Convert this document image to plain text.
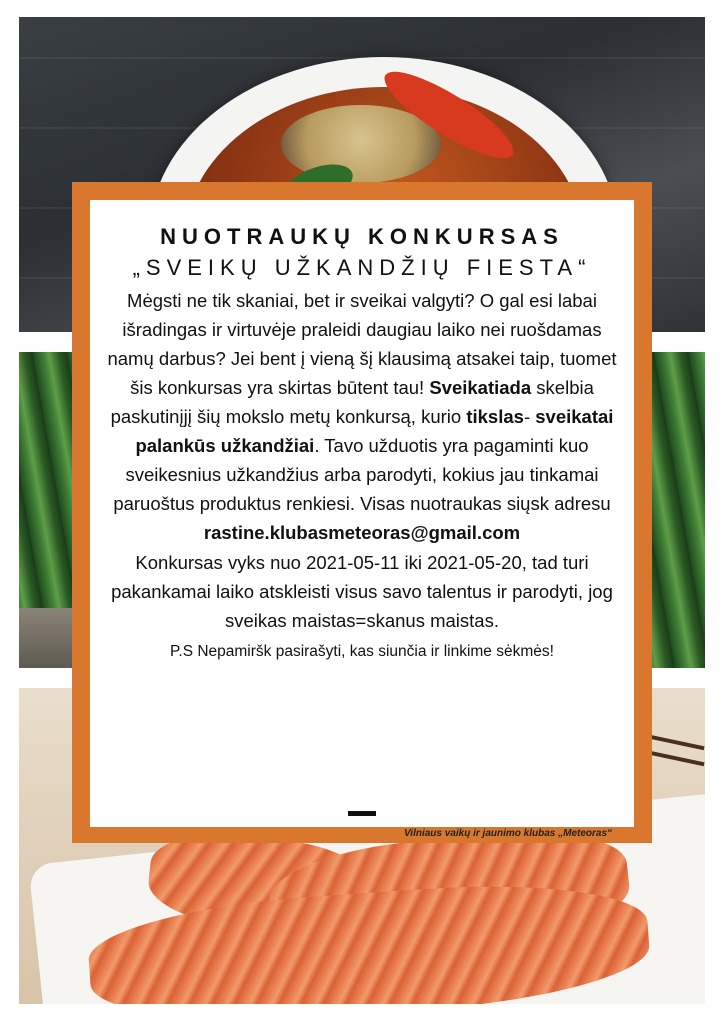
NUOTRAUKŲ KONKURSAS
„SVEIKŲ UŽKANDŽIŲ FIESTA“

Mėgsti ne tik skaniai, bet ir sveikai valgyti? O gal esi labai išradingas ir virtuvėje praleidi daugiau laiko nei ruošdamas namų darbus? Jei bent į vieną šį klausimą atsakei taip, tuomet šis konkursas yra skirtas būtent tau! Sveikatiada skelbia paskutinįjį šių mokslo metų konkursą, kurio tikslas- sveikatai palankūs užkandžiai. Tavo užduotis yra pagaminti kuo sveikesnius užkandžius arba parodyti, kokius jau tinkamai paruoštus produktus renkiesi. Visas nuotraukas siųsk adresu
rastine.klubasmeteoras@gmail.com
Konkursas vyks nuo 2021-05-11 iki 2021-05-20, tad turi pakankamai laiko atskleisti visus savo talentus ir parodyti, jog sveikas maistas=skanus maistas.

P.S Nepamiršk pasirašyti, kas siunčia ir linkime sėkmės!

Vilniaus vaikų ir jaunimo klubas „Meteoras“
